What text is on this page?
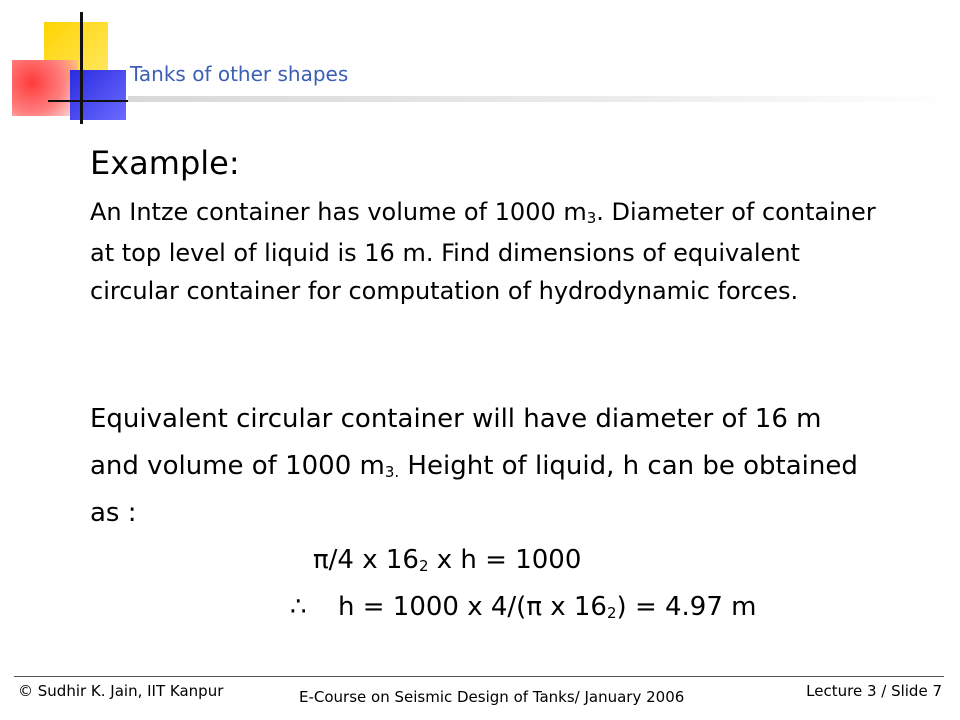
Tanks of other shapes
Example:
An Intze container has volume of 1000 $m^3$. Diameter of container at top level of liquid is 16 m. Find dimensions of equivalent circular container for computation of hydrodynamic forces.
Equivalent circular container will have diameter of 16 m
and volume of 1000 $m^{3.}$ Height of liquid, h can be obtained
as :
π/4 x $16^2$ x h = 1000
∴ h = 1000 x 4/(π x $16^2) = 4.97$ m
© Sudhir K. Jain, IIT Kanpur	E-Course on Seismic Design of Tanks/ January 2006	Lecture 3 / Slide 7
